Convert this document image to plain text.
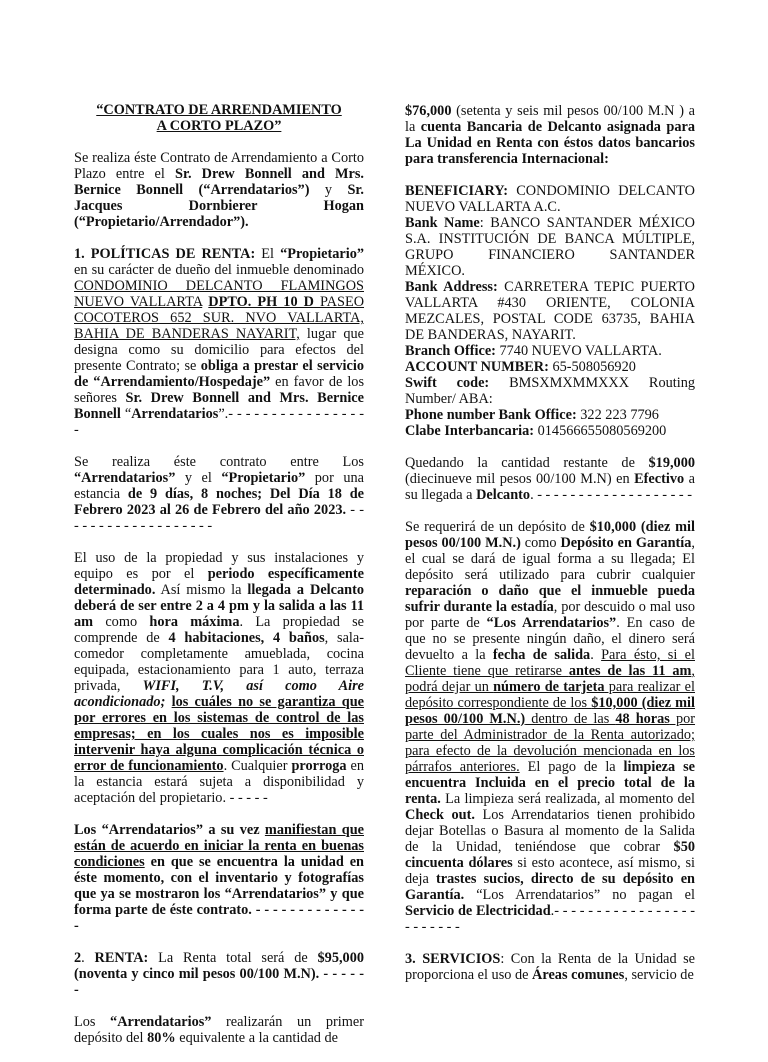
“CONTRATO DE ARRENDAMIENTO
A CORTO PLAZO”

Se realiza éste Contrato de Arrendamiento a Corto Plazo entre el Sr. Drew Bonnell and Mrs. Bernice Bonnell (“Arrendatarios”) y Sr. Jacques Dornbierer Hogan (“Propietario/Arrendador”).

1. POLÍTICAS DE RENTA: El “Propietario” en su carácter de dueño del inmueble denominado CONDOMINIO DELCANTO FLAMINGOS NUEVO VALLARTA DPTO. PH 10 D PASEO COCOTEROS 652 SUR. NVO VALLARTA, BAHIA DE BANDERAS NAYARIT, lugar que designa como su domicilio para efectos del presente Contrato; se obliga a prestar el servicio de “Arrendamiento/Hospedaje” en favor de los señores Sr. Drew Bonnell and Mrs. Bernice Bonnell “Arrendatarios”.- - - - - - - - - - - - - - - - -

Se realiza éste contrato entre Los “Arrendatarios” y el “Propietario” por una estancia de 9 días, 8 noches; Del Día 18 de Febrero 2023 al 26 de Febrero del año 2023. - - - - - - - - - - - - - - - - - - -

El uso de la propiedad y sus instalaciones y equipo es por el periodo específicamente determinado. Así mismo la llegada a Delcanto deberá de ser entre 2 a 4 pm y la salida a las 11 am como hora máxima. La propiedad se comprende de 4 habitaciones, 4 baños, sala-comedor completamente amueblada, cocina equipada, estacionamiento para 1 auto, terraza privada, WIFI, T.V, así como Aire acondicionado; los cuáles no se garantiza que por errores en los sistemas de control de las empresas; en los cuales nos es imposible intervenir haya alguna complicación técnica o error de funcionamiento. Cualquier prorroga en la estancia estará sujeta a disponibilidad y aceptación del propietario. - - - - -

Los “Arrendatarios” a su vez manifiestan que están de acuerdo en iniciar la renta en buenas condiciones en que se encuentra la unidad en éste momento, con el inventario y fotografías que ya se mostraron los “Arrendatarios” y que forma parte de éste contrato. - - - - - - - - - - - - - -

2. RENTA: La Renta total será de $95,000 (noventa y cinco mil pesos 00/100 M.N). - - - - - -

Los “Arrendatarios” realizarán un primer depósito del 80% equivalente a la cantidad de

$76,000 (setenta y seis mil pesos 00/100 M.N ) a la cuenta Bancaria de Delcanto asignada para La Unidad en Renta con éstos datos bancarios para transferencia Internacional:

BENEFICIARY: CONDOMINIO DELCANTO NUEVO VALLARTA A.C.
Bank Name: BANCO SANTANDER MÉXICO S.A. INSTITUCIÓN DE BANCA MÚLTIPLE, GRUPO FINANCIERO SANTANDER MÉXICO.
Bank Address: CARRETERA TEPIC PUERTO VALLARTA #430 ORIENTE, COLONIA MEZCALES, POSTAL CODE 63735, BAHIA DE BANDERAS, NAYARIT.
Branch Office: 7740 NUEVO VALLARTA.
ACCOUNT NUMBER: 65-508056920
Swift code: BMSXMXMMXXX Routing Number/ ABA:
Phone number Bank Office: 322 223 7796
Clabe Interbancaria: 014566655080569200

Quedando la cantidad restante de $19,000 (diecinueve mil pesos 00/100 M.N) en Efectivo a su llegada a Delcanto. - - - - - - - - - - - - - - - - - - -

Se requerirá de un depósito de $10,000 (diez mil pesos 00/100 M.N.) como Depósito en Garantía, el cual se dará de igual forma a su llegada; El depósito será utilizado para cubrir cualquier reparación o daño que el inmueble pueda sufrir durante la estadía, por descuido o mal uso por parte de “Los Arrendatarios”. En caso de que no se presente ningún daño, el dinero será devuelto a la fecha de salida. Para ésto, si el Cliente tiene que retirarse antes de las 11 am, podrá dejar un número de tarjeta para realizar el depósito correspondiente de los $10,000 (diez mil pesos 00/100 M.N.) dentro de las 48 horas por parte del Administrador de la Renta autorizado; para efecto de la devolución mencionada en los párrafos anteriores. El pago de la limpieza se encuentra Incluida en el precio total de la renta. La limpieza será realizada, al momento del Check out. Los Arrendatarios tienen prohibido dejar Botellas o Basura al momento de la Salida de la Unidad, teniéndose que cobrar $50 cincuenta dólares si esto acontece, así mismo, si deja trastes sucios, directo de su depósito en Garantía. “Los Arrendatarios” no pagan el Servicio de Electricidad.- - - - - - - - - - - - - - - - - - - - - - - -

3. SERVICIOS: Con la Renta de la Unidad se proporciona el uso de Áreas comunes, servicio de
